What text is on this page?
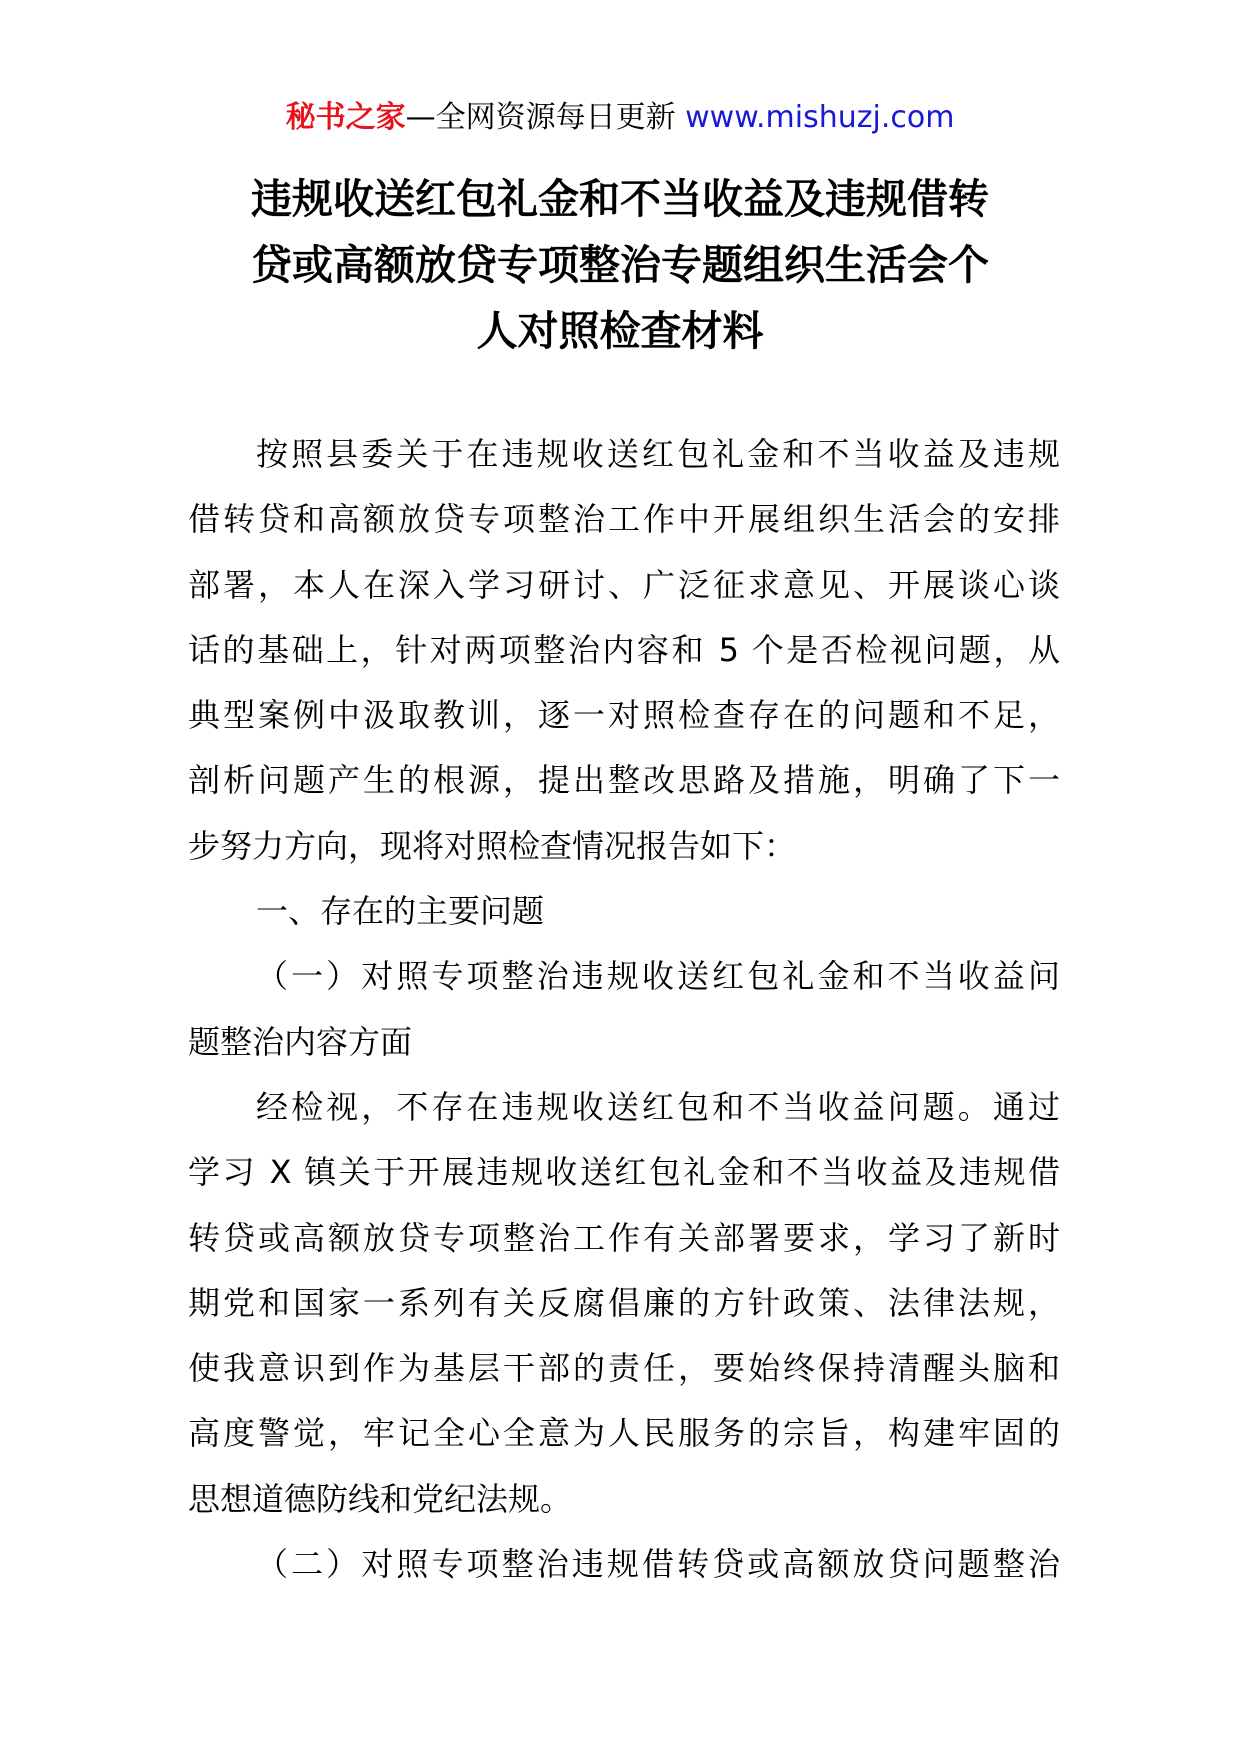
秘书之家—全网资源每日更新 www.mishuzj.com
违规收送红包礼金和不当收益及违规借转
贷或高额放贷专项整治专题组织生活会个
人对照检查材料
按照县委关于在违规收送红包礼金和不当收益及违规
借转贷和高额放贷专项整治工作中开展组织生活会的安排
部署，本人在深入学习研讨、广泛征求意见、开展谈心谈
话的基础上，针对两项整治内容和 5 个是否检视问题，从
典型案例中汲取教训，逐一对照检查存在的问题和不足，
剖析问题产生的根源，提出整改思路及措施，明确了下一
步努力方向，现将对照检查情况报告如下：
一、存在的主要问题
（一）对照专项整治违规收送红包礼金和不当收益问
题整治内容方面
经检视，不存在违规收送红包和不当收益问题。通过
学习 X 镇关于开展违规收送红包礼金和不当收益及违规借
转贷或高额放贷专项整治工作有关部署要求，学习了新时
期党和国家一系列有关反腐倡廉的方针政策、法律法规，
使我意识到作为基层干部的责任，要始终保持清醒头脑和
高度警觉，牢记全心全意为人民服务的宗旨，构建牢固的
思想道德防线和党纪法规。
（二）对照专项整治违规借转贷或高额放贷问题整治
